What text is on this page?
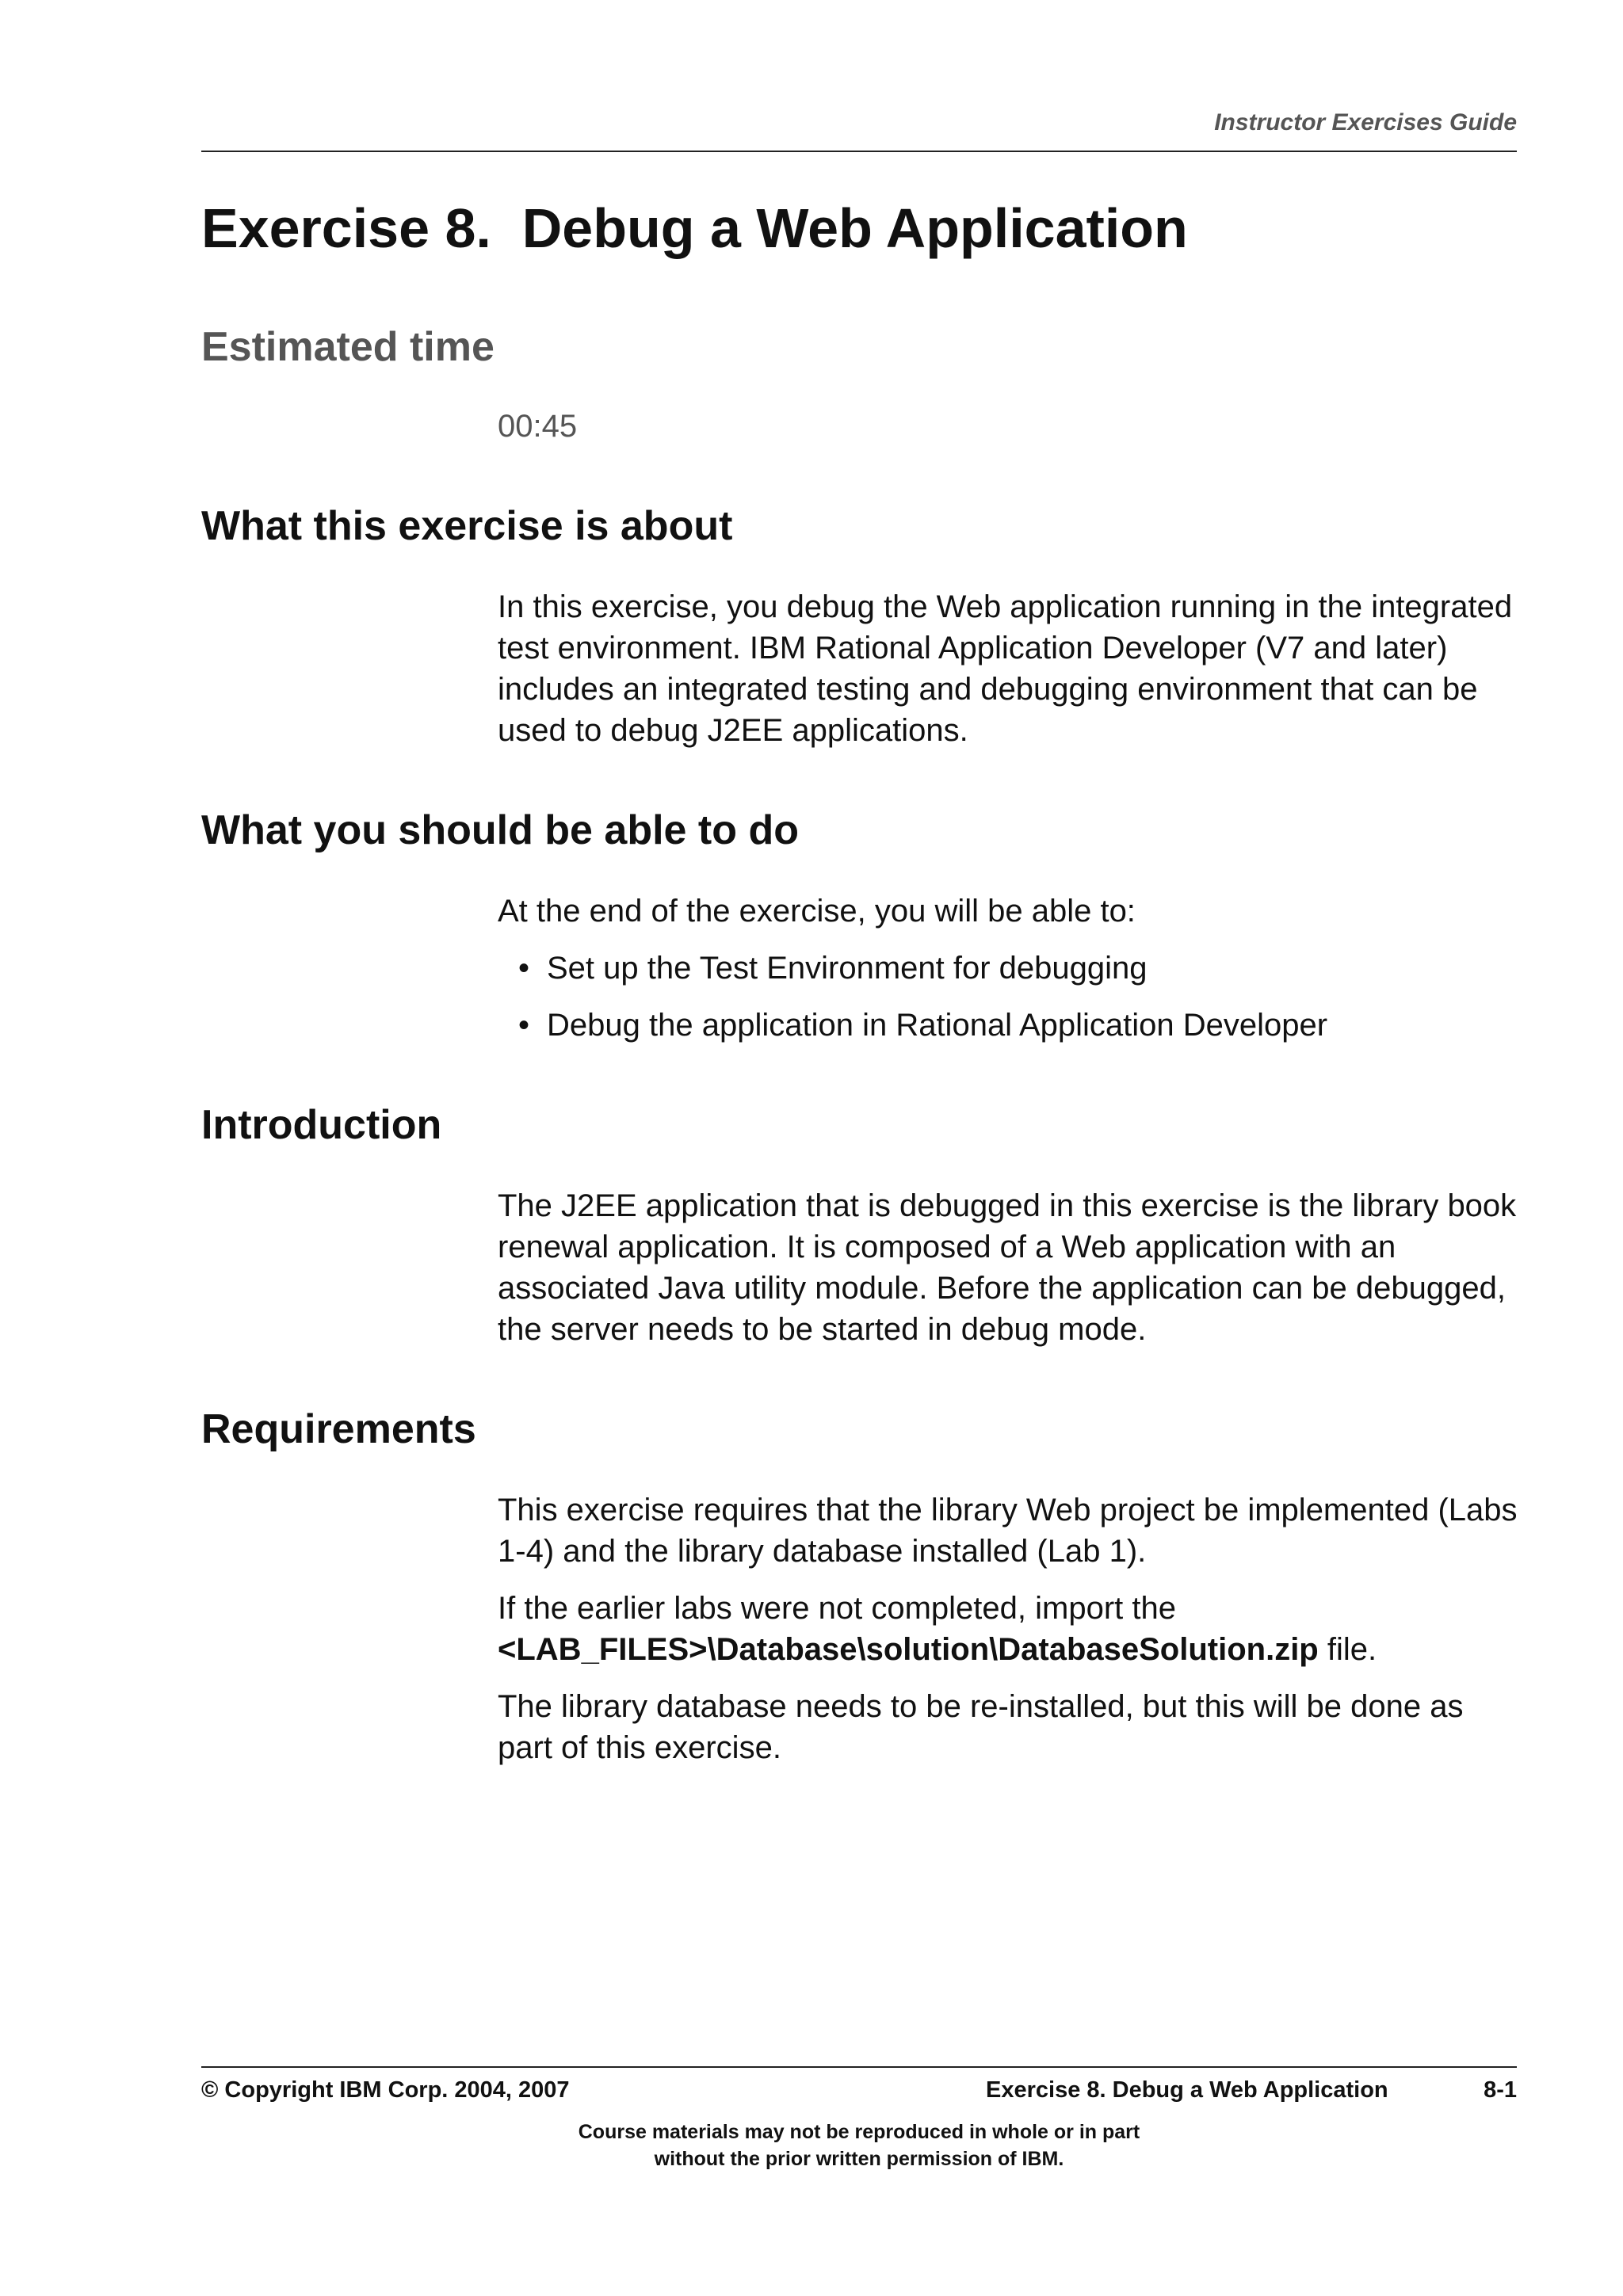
Instructor Exercises Guide
Exercise 8.  Debug a Web Application
Estimated time
00:45
What this exercise is about

In this exercise, you debug the Web application running in the integrated test environment. IBM Rational Application Developer (V7 and later) includes an integrated testing and debugging environment that can be used to debug J2EE applications.

What you should be able to do

At the end of the exercise, you will be able to:

• Set up the Test Environment for debugging
• Debug the application in Rational Application Developer
Introduction

The J2EE application that is debugged in this exercise is the library book renewal application. It is composed of a Web application with an associated Java utility module. Before the application can be debugged, the server needs to be started in debug mode.

Requirements

This exercise requires that the library Web project be implemented (Labs 1-4) and the library database installed (Lab 1).

If the earlier labs were not completed, import the <LAB_FILES>\Database\solution\DatabaseSolution.zip file.

The library database needs to be re-installed, but this will be done as part of this exercise.

© Copyright IBM Corp. 2004, 2007	Exercise 8. Debug a Web Application	8-1
Course materials may not be reproduced in whole or in part
without the prior written permission of IBM.
